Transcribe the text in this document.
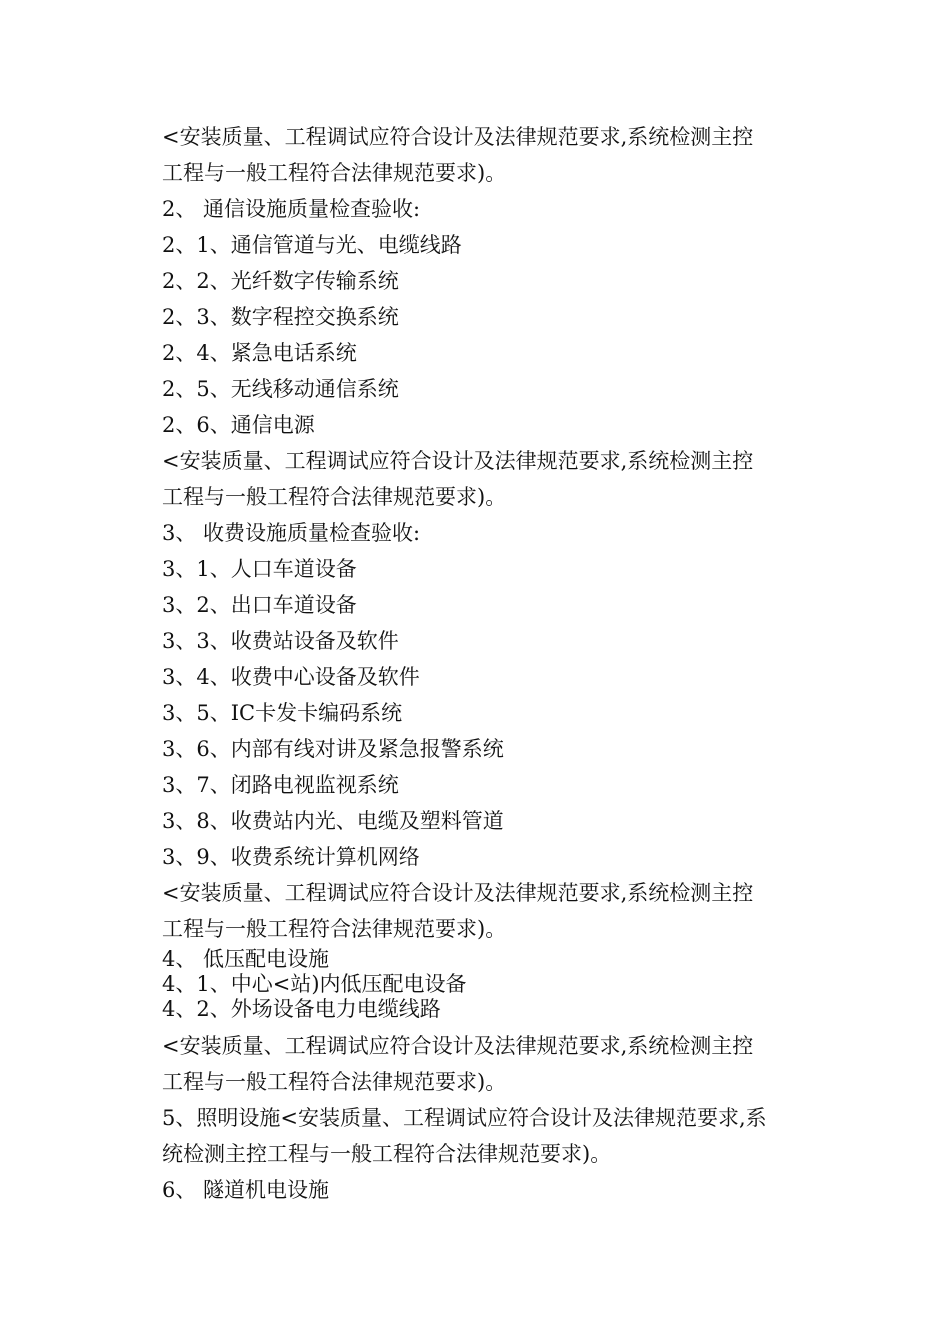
<安装质量、工程调试应符合设计及法律规范要求,系统检测主控
工程与一般工程符合法律规范要求)。
2、 通信设施质量检查验收:
2、1、通信管道与光、电缆线路
2、2、光纤数字传输系统
2、3、数字程控交换系统
2、4、紧急电话系统
2、5、无线移动通信系统
2、6、通信电源
<安装质量、工程调试应符合设计及法律规范要求,系统检测主控
工程与一般工程符合法律规范要求)。
3、 收费设施质量检查验收:
3、1、人口车道设备
3、2、出口车道设备
3、3、收费站设备及软件
3、4、收费中心设备及软件
3、5、IC卡发卡编码系统
3、6、内部有线对讲及紧急报警系统
3、7、闭路电视监视系统
3、8、收费站内光、电缆及塑料管道
3、9、收费系统计算机网络
<安装质量、工程调试应符合设计及法律规范要求,系统检测主控
工程与一般工程符合法律规范要求)。
4、 低压配电设施
4、1、中心<站)内低压配电设备
4、2、外场设备电力电缆线路
<安装质量、工程调试应符合设计及法律规范要求,系统检测主控
工程与一般工程符合法律规范要求)。
5、照明设施<安装质量、工程调试应符合设计及法律规范要求,系
统检测主控工程与一般工程符合法律规范要求)。
6、 隧道机电设施
